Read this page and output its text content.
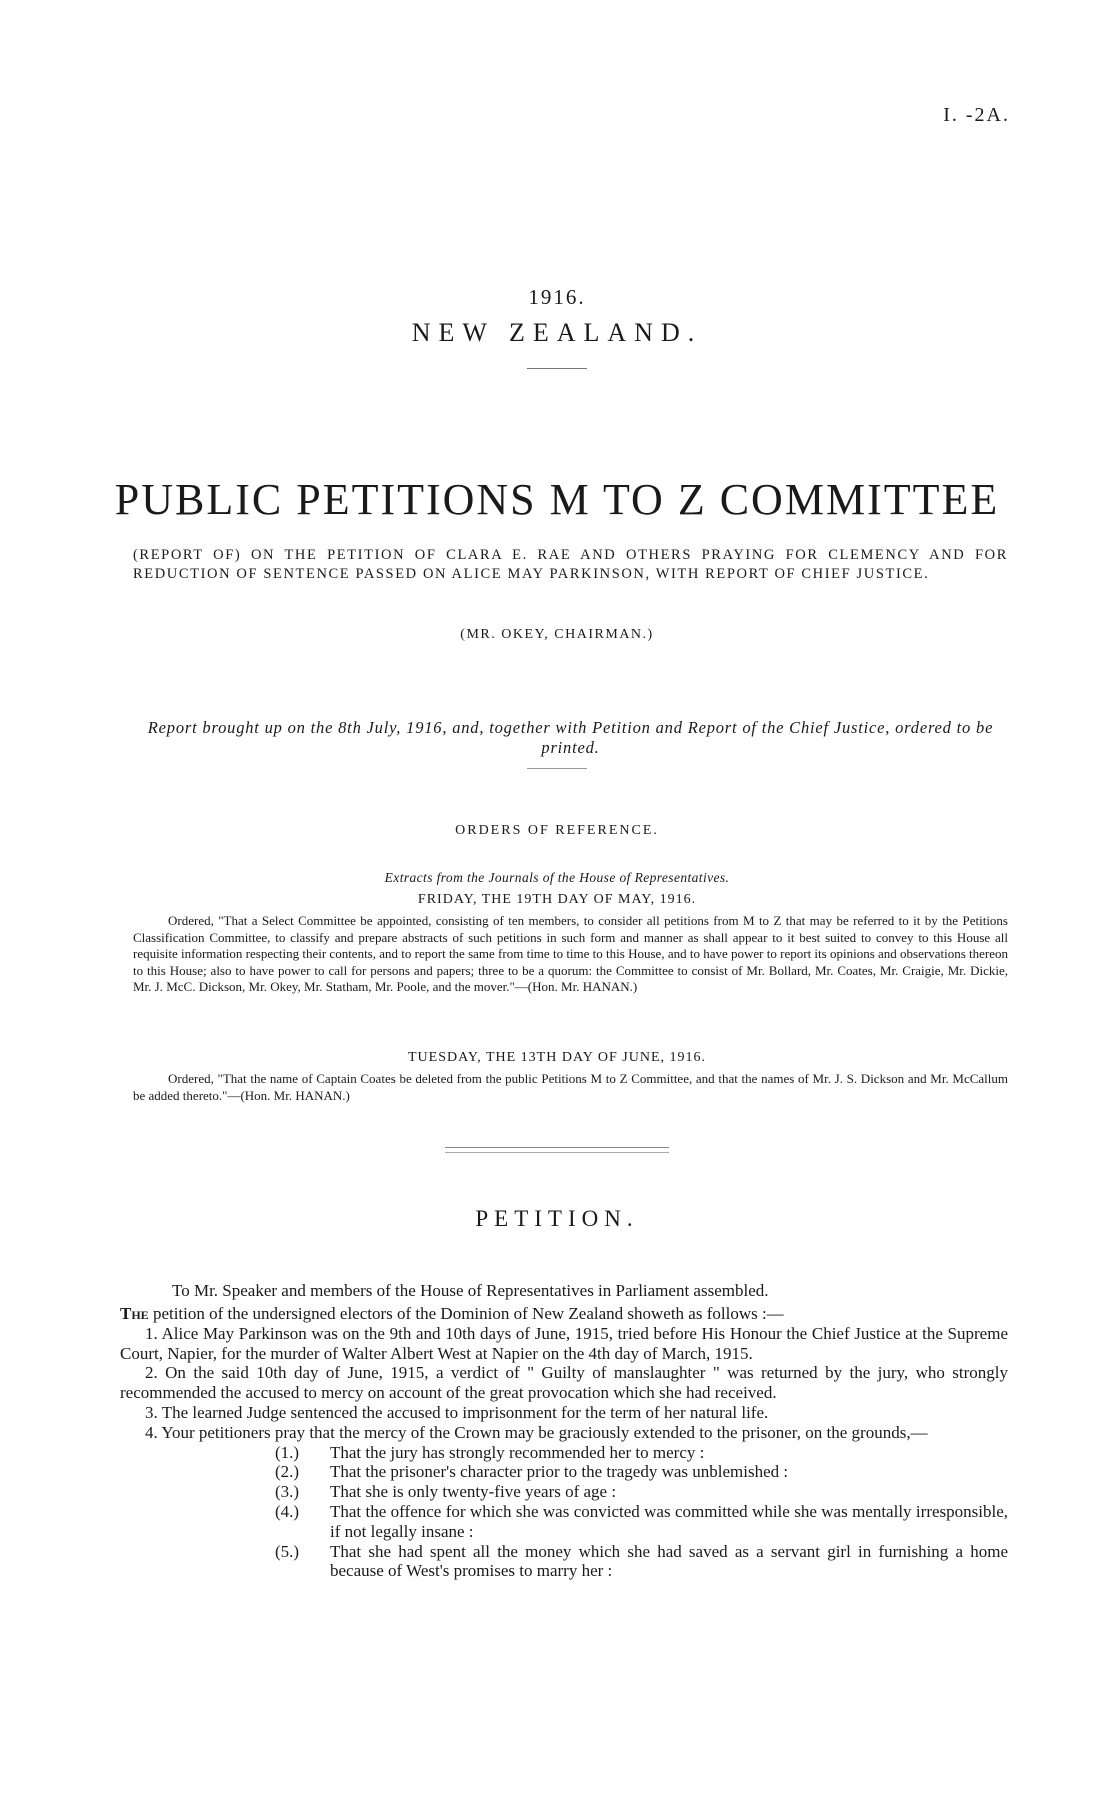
I. -2A.
1916.
NEW ZEALAND.
PUBLIC PETITIONS M TO Z COMMITTEE
(REPORT OF) ON THE PETITION OF CLARA E. RAE AND OTHERS PRAYING FOR CLEMENCY AND FOR REDUCTION OF SENTENCE PASSED ON ALICE MAY PARKINSON, WITH REPORT OF CHIEF JUSTICE.
(MR. OKEY, CHAIRMAN.)
Report brought up on the 8th July, 1916, and, together with Petition and Report of the Chief Justice, ordered to be printed.
ORDERS OF REFERENCE.
Extracts from the Journals of the House of Representatives.
FRIDAY, THE 19TH DAY OF MAY, 1916.
Ordered, "That a Select Committee be appointed, consisting of ten members, to consider all petitions from M to Z that may be referred to it by the Petitions Classification Committee, to classify and prepare abstracts of such petitions in such form and manner as shall appear to it best suited to convey to this House all requisite information respecting their contents, and to report the same from time to time to this House, and to have power to report its opinions and observations thereon to this House; also to have power to call for persons and papers; three to be a quorum: the Committee to consist of Mr. Bollard, Mr. Coates, Mr. Craigie, Mr. Dickie, Mr. J. McC. Dickson, Mr. Okey, Mr. Statham, Mr. Poole, and the mover."—(Hon. Mr. HANAN.)
TUESDAY, THE 13TH DAY OF JUNE, 1916.
Ordered, "That the name of Captain Coates be deleted from the public Petitions M to Z Committee, and that the names of Mr. J. S. Dickson and Mr. McCallum be added thereto."—(Hon. Mr. HANAN.)
PETITION.
To Mr. Speaker and members of the House of Representatives in Parliament assembled.

The petition of the undersigned electors of the Dominion of New Zealand showeth as follows :—

1. Alice May Parkinson was on the 9th and 10th days of June, 1915, tried before His Honour the Chief Justice at the Supreme Court, Napier, for the murder of Walter Albert West at Napier on the 4th day of March, 1915.

2. On the said 10th day of June, 1915, a verdict of " Guilty of manslaughter " was returned by the jury, who strongly recommended the accused to mercy on account of the great provocation which she had received.

3. The learned Judge sentenced the accused to imprisonment for the term of her natural life.

4. Your petitioners pray that the mercy of the Crown may be graciously extended to the prisoner, on the grounds,—

(1.) That the jury has strongly recommended her to mercy :
(2.) That the prisoner's character prior to the tragedy was unblemished :
(3.) That she is only twenty-five years of age :
(4.) That the offence for which she was convicted was committed while she was mentally irresponsible, if not legally insane :
(5.) That she had spent all the money which she had saved as a servant girl in furnishing a home because of West's promises to marry her :
